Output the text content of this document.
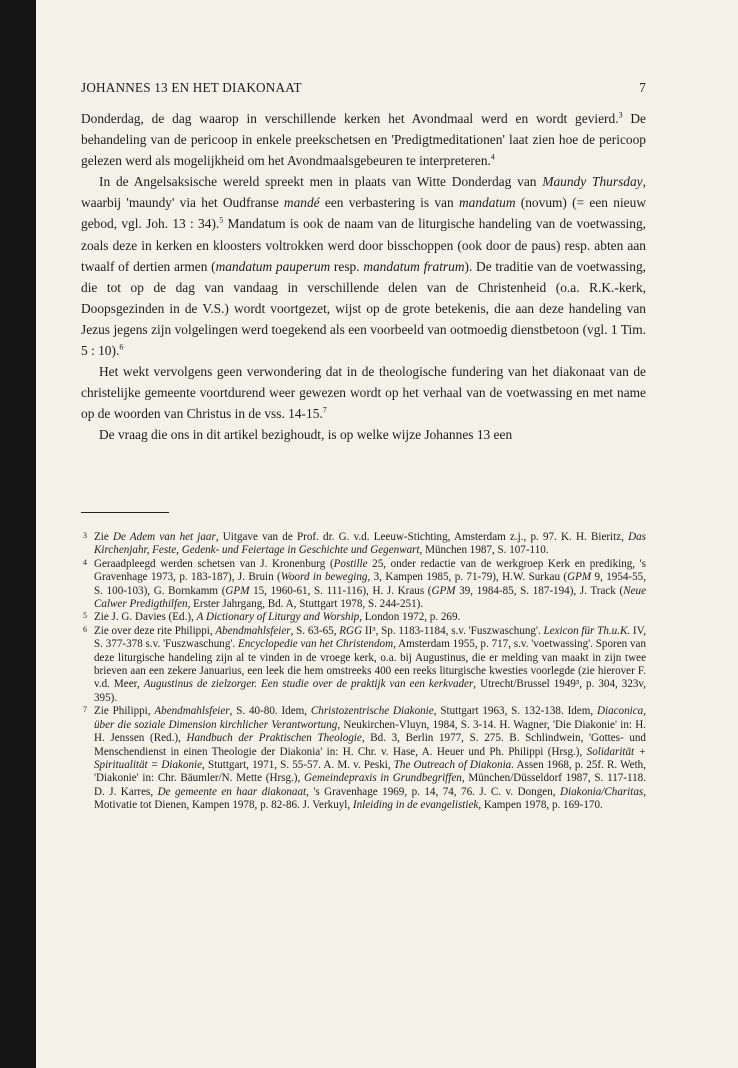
JOHANNES 13 EN HET DIAKONAAT	7

Donderdag, de dag waarop in verschillende kerken het Avondmaal werd en wordt gevierd.$^3$ De behandeling van de pericoop in enkele preekschetsen en 'Predigtmeditationen' laat zien hoe de pericoop gelezen werd als mogelijkheid om het Avondmaalsgebeuren te interpreteren.$^4$

In de Angelsaksische wereld spreekt men in plaats van Witte Donderdag van Maundy Thursday, waarbij 'maundy' via het Oudfranse mandé een verbastering is van mandatum (novum) (= een nieuw gebod, vgl. Joh. 13 : 34).$^5$ Mandatum is ook de naam van de liturgische handeling van de voetwassing, zoals deze in kerken en kloosters voltrokken werd door bisschoppen (ook door de paus) resp. abten aan twaalf of dertien armen (mandatum pauperum resp. mandatum fratrum). De traditie van de voetwassing, die tot op de dag van vandaag in verschillende delen van de Christenheid (o.a. R.K.-kerk, Doopsgezinden in de V.S.) wordt voortgezet, wijst op de grote betekenis, die aan deze handeling van Jezus jegens zijn volgelingen werd toegekend als een voorbeeld van ootmoedig dienstbetoon (vgl. 1 Tim. 5 : 10).$^6$

Het wekt vervolgens geen verwondering dat in de theologische fundering van het diakonaat van de christelijke gemeente voortdurend weer gewezen wordt op het verhaal van de voetwassing en met name op de woorden van Christus in de vss. 14-15.$^7$

De vraag die ons in dit artikel bezighoudt, is op welke wijze Johannes 13 een

3 Zie De Adem van het jaar, Uitgave van de Prof. dr. G. v.d. Leeuw-Stichting, Amsterdam z.j., p. 97. K. H. Bieritz, Das Kirchenjahr, Feste, Gedenk- und Feiertage in Geschichte und Gegenwart, München 1987, S. 107-110.

4 Geraadpleegd werden schetsen van J. Kronenburg (Postille 25, onder redactie van de werkgroep Kerk en prediking, 's Gravenhage 1973, p. 183-187), J. Bruin (Woord in beweging, 3, Kampen 1985, p. 71-79), H.W. Surkau (GPM 9, 1954-55, S. 100-103), G. Bornkamm (GPM 15, 1960-61, S. 111-116), H. J. Kraus (GPM 39, 1984-85, S. 187-194), J. Track (Neue Calwer Predigthilfen, Erster Jahrgang, Bd. A, Stuttgart 1978, S. 244-251).

5 Zie J. G. Davies (Ed.), A Dictionary of Liturgy and Worship, London 1972, p. 269.

6 Zie over deze rite Philippi, Abendmahlsfeier, S. 63-65, RGG II³, Sp. 1183-1184, s.v. 'Fuszwaschung'. Lexicon für Th.u.K. IV, S. 377-378 s.v. 'Fuszwaschung'. Encyclopedie van het Christendom, Amsterdam 1955, p. 717, s.v. 'voetwassing'. Sporen van deze liturgische handeling zijn al te vinden in de vroege kerk, o.a. bij Augustinus, die er melding van maakt in zijn twee brieven aan een zekere Januarius, een leek die hem omstreeks 400 een reeks liturgische kwesties voorlegde (zie hierover F. v.d. Meer, Augustinus de zielzorger. Een studie over de praktijk van een kerkvader, Utrecht/Brussel 1949³, p. 304, 323v, 395).

7 Zie Philippi, Abendmahlsfeier, S. 40-80. Idem, Christozentrische Diakonie, Stuttgart 1963, S. 132-138. Idem, Diaconica, über die soziale Dimension kirchlicher Verantwortung, Neukirchen-Vluyn, 1984, S. 3-14. H. Wagner, 'Die Diakonie' in: H. H. Jenssen (Red.), Handbuch der Praktischen Theologie, Bd. 3, Berlin 1977, S. 275. B. Schlindwein, 'Gottes- und Menschendienst in einen Theologie der Diakonia' in: H. Chr. v. Hase, A. Heuer und Ph. Philippi (Hrsg.), Solidarität + Spiritualität = Diakonie, Stuttgart, 1971, S. 55-57. A. M. v. Peski, The Outreach of Diakonia. Assen 1968, p. 25f. R. Weth, 'Diakonie' in: Chr. Bäumler/N. Mette (Hrsg.), Gemeindepraxis in Grundbegriffen, München/Düsseldorf 1987, S. 117-118. D. J. Karres, De gemeente en haar diakonaat, 's Gravenhage 1969, p. 14, 74, 76. J. C. v. Dongen, Diakonia/Charitas, Motivatie tot Dienen, Kampen 1978, p. 82-86. J. Verkuyl, Inleiding in de evangelistiek, Kampen 1978, p. 169-170.
